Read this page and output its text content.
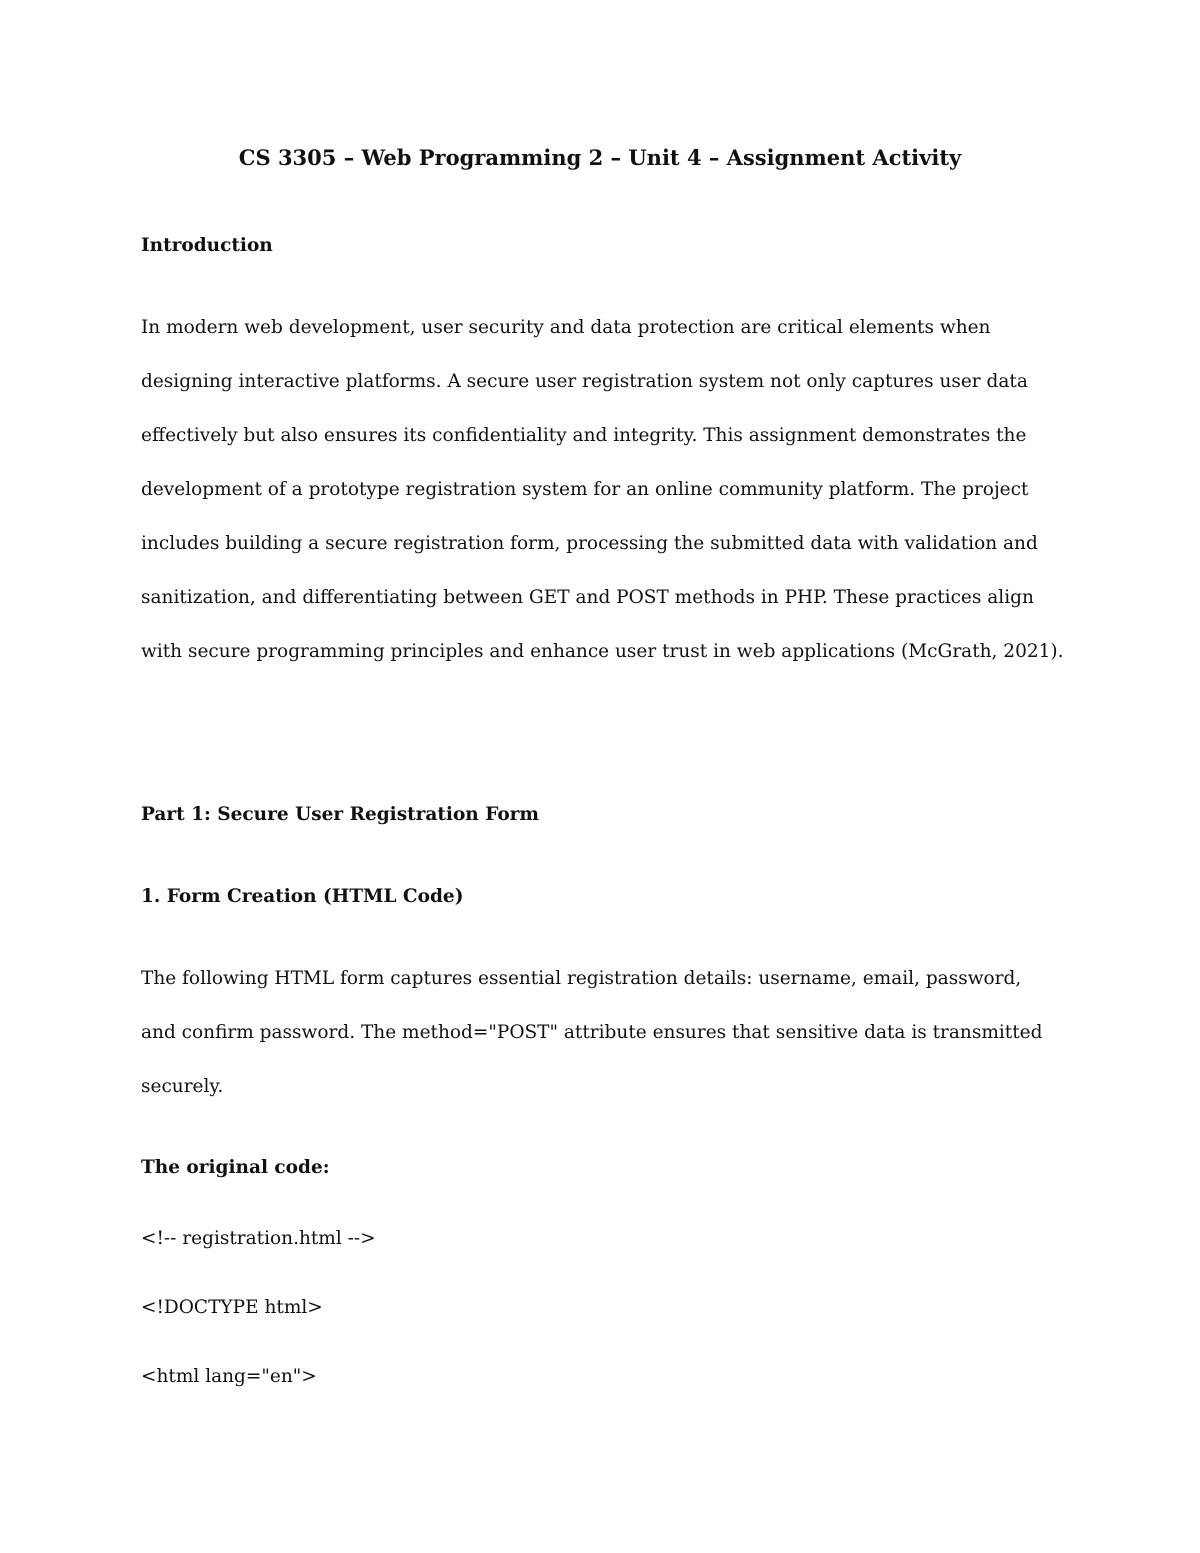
CS 3305 – Web Programming 2 – Unit 4 – Assignment Activity
Introduction

In modern web development, user security and data protection are critical elements when

designing interactive platforms. A secure user registration system not only captures user data

effectively but also ensures its confidentiality and integrity. This assignment demonstrates the

development of a prototype registration system for an online community platform. The project

includes building a secure registration form, processing the submitted data with validation and

sanitization, and differentiating between GET and POST methods in PHP. These practices align

with secure programming principles and enhance user trust in web applications (McGrath, 2021).

Part 1: Secure User Registration Form
1. Form Creation (HTML Code)

The following HTML form captures essential registration details: username, email, password,

and confirm password. The method="POST" attribute ensures that sensitive data is transmitted

securely.

The original code:

<!-- registration.html -->

<!DOCTYPE html>

<html lang="en">
